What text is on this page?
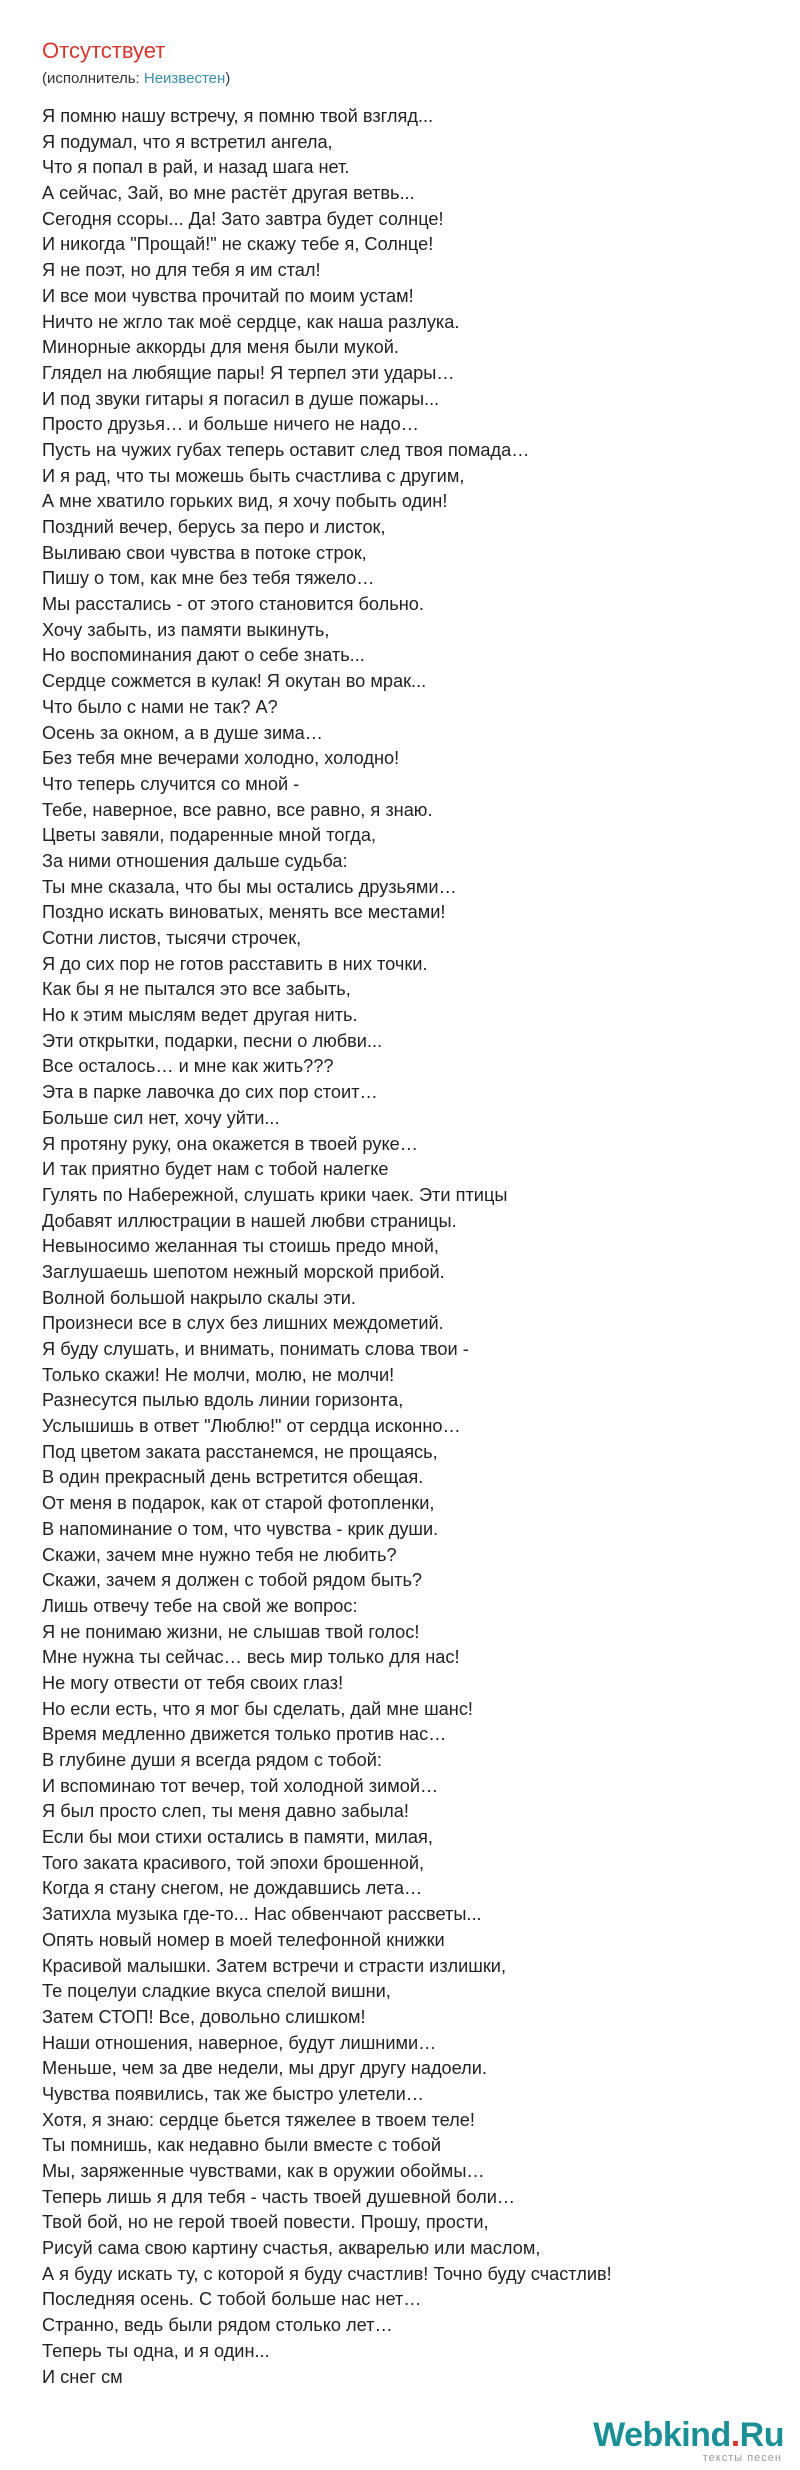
Отсутствует
(исполнитель: Неизвестен)
Я помню нашу встречу, я помню твой взгляд...
Я подумал, что я встретил ангела,
Что я попал в рай, и назад шага нет.
А сейчас, Зай, во мне растёт другая ветвь...
Сегодня ссоры... Да! Зато завтра будет солнце!
И никогда "Прощай!" не скажу тебе я, Солнце!
Я не поэт, но для тебя я им стал!
И все мои чувства прочитай по моим устам!
Ничто не жгло так моё сердце, как наша разлука.
Минорные аккорды для меня были мукой.
Глядел на любящие пары! Я терпел эти удары…
И под звуки гитары я погасил в душе пожары...
Просто друзья… и больше ничего не надо…
Пусть на чужих губах теперь оставит след твоя помада…
И я рад, что ты можешь быть счастлива с другим,
А мне хватило горьких вид, я хочу побыть один!
Поздний вечер, берусь за перо и листок,
Выливаю свои чувства в потоке строк,
Пишу о том, как мне без тебя тяжело…
Мы расстались - от этого становится больно.
Хочу забыть, из памяти выкинуть,
Но воспоминания дают о себе знать...
Сердце сожмется в кулак! Я окутан во мрак...
Что было с нами не так? А?
Осень за окном, а в душе зима…
Без тебя мне вечерами холодно, холодно!
Что теперь случится со мной -
Тебе, наверное, все равно, все равно, я знаю.
Цветы завяли, подаренные мной тогда,
За ними отношения дальше судьба:
Ты мне сказала, что бы мы остались друзьями…
Поздно искать виноватых, менять все местами!
Сотни листов, тысячи строчек,
Я до сих пор не готов расставить в них точки.
Как бы я не пытался это все забыть,
Но к этим мыслям ведет другая нить.
Эти открытки, подарки, песни о любви...
Все осталось… и мне как жить???
Эта в парке лавочка до сих пор стоит…
Больше сил нет, хочу уйти...
Я протяну руку, она окажется в твоей руке…
И так приятно будет нам с тобой налегке
Гулять по Набережной, слушать крики чаек. Эти птицы
Добавят иллюстрации в нашей любви страницы.
Невыносимо желанная ты стоишь предо мной,
Заглушаешь шепотом нежный морской прибой.
Волной большой накрыло скалы эти.
Произнеси все в слух без лишних междометий.
Я буду слушать, и внимать, понимать слова твои -
Только скажи! Не молчи, молю, не молчи!
Разнесутся пылью вдоль линии горизонта,
Услышишь в ответ "Люблю!" от сердца исконно…
Под цветом заката расстанемся, не прощаясь,
В один прекрасный день встретится обещая.
От меня в подарок, как от старой фотопленки,
В напоминание о том, что чувства - крик души.
Скажи, зачем мне нужно тебя не любить?
Скажи, зачем я должен с тобой рядом быть?
Лишь отвечу тебе на свой же вопрос:
Я не понимаю жизни, не слышав твой голос!
Мне нужна ты сейчас… весь мир только для нас!
Не могу отвести от тебя своих глаз!
Но если есть, что я мог бы сделать, дай мне шанс!
Время медленно движется только против нас…
В глубине души я всегда рядом с тобой:
И вспоминаю тот вечер, той холодной зимой…
Я был просто слеп, ты меня давно забыла!
Если бы мои стихи остались в памяти, милая,
Того заката красивого, той эпохи брошенной,
Когда я стану снегом, не дождавшись лета…
Затихла музыка где-то... Нас обвенчают рассветы...
Опять новый номер в моей телефонной книжки
Красивой малышки. Затем встречи и страсти излишки,
Те поцелуи сладкие вкуса спелой вишни,
Затем СТОП! Все, довольно слишком!
Наши отношения, наверное, будут лишними…
Меньше, чем за две недели, мы друг другу надоели.
Чувства появились, так же быстро улетели…
Хотя, я знаю: сердце бьется тяжелее в твоем теле!
Ты помнишь, как недавно были вместе с тобой
Мы, заряженные чувствами, как в оружии обоймы…
Теперь лишь я для тебя - часть твоей душевной боли…
Твой бой, но не герой твоей повести. Прошу, прости,
Рисуй сама свою картину счастья, акварелью или маслом,
А я буду искать ту, с которой я буду счастлив! Точно буду счастлив!
Последняя осень. С тобой больше нас нет…
Странно, ведь были рядом столько лет…
Теперь ты одна, и я один...
И снег см
Webkind.Ru
тексты песен
